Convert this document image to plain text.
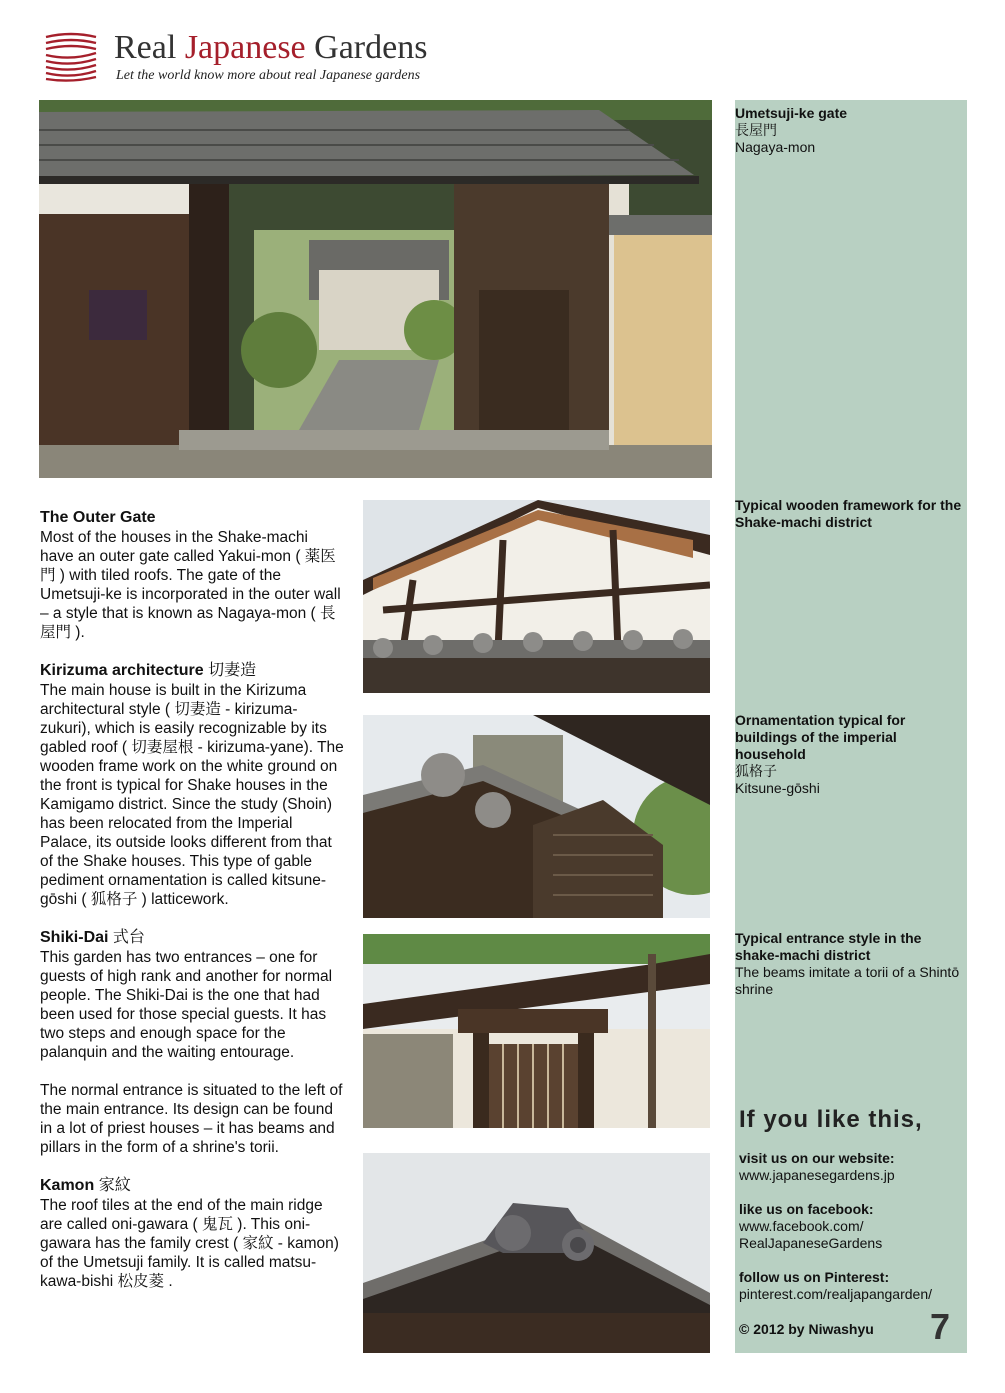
Real Japanese Gardens
Let the world know more about real Japanese gardens
Umetsuji-ke gate
長屋門
Nagaya-mon
Typical wooden framework for the Shake-machi district
Ornamentation typical for buildings of the imperial household
狐格子
Kitsune-gōshi
Typical entrance style in the shake-machi district
The beams imitate a torii of a Shintō shrine
The Outer Gate

Most of the houses in the Shake-machi have an outer gate called Yakui-mon ( 薬医門 ) with tiled roofs. The gate of the Umetsuji-ke is incorporated in the outer wall – a style that is known as Nagaya-mon ( 長屋門 ).

Kirizuma architecture 切妻造

The main house is built in the Kirizuma architectural style ( 切妻造 - kirizuma-zukuri), which is easily recognizable by its gabled roof ( 切妻屋根 - kirizuma-yane). The wooden frame work on the white ground on the front is typical for Shake houses in the Kamigamo district. Since the study (Shoin) has been relocated from the Imperial Palace, its outside looks different from that of the Shake houses. This type of gable pediment ornamentation is called kitsune-gōshi ( 狐格子 ) latticework.

Shiki-Dai 式台

This garden has two entrances – one for guests of high rank and another for normal people. The Shiki-Dai is the one that had been used for those special guests. It has two steps and enough space for the palanquin and the waiting entourage.

The normal entrance is situated to the left of the main entrance. Its design can be found in a lot of priest houses – it has beams and pillars in the form of a shrine's torii.

Kamon 家紋

The roof tiles at the end of the main ridge are called oni-gawara ( 鬼瓦 ). This oni-gawara has the family crest ( 家紋 - kamon) of the Umetsuji family. It is called matsu-kawa-bishi 松皮菱 .

If you like this,
visit us on our website:
www.japanesegardens.jp
like us on facebook:
www.facebook.com/
RealJapaneseGardens
follow us on Pinterest:
pinterest.com/realjapangarden/
© 2012 by Niwashyu 7
